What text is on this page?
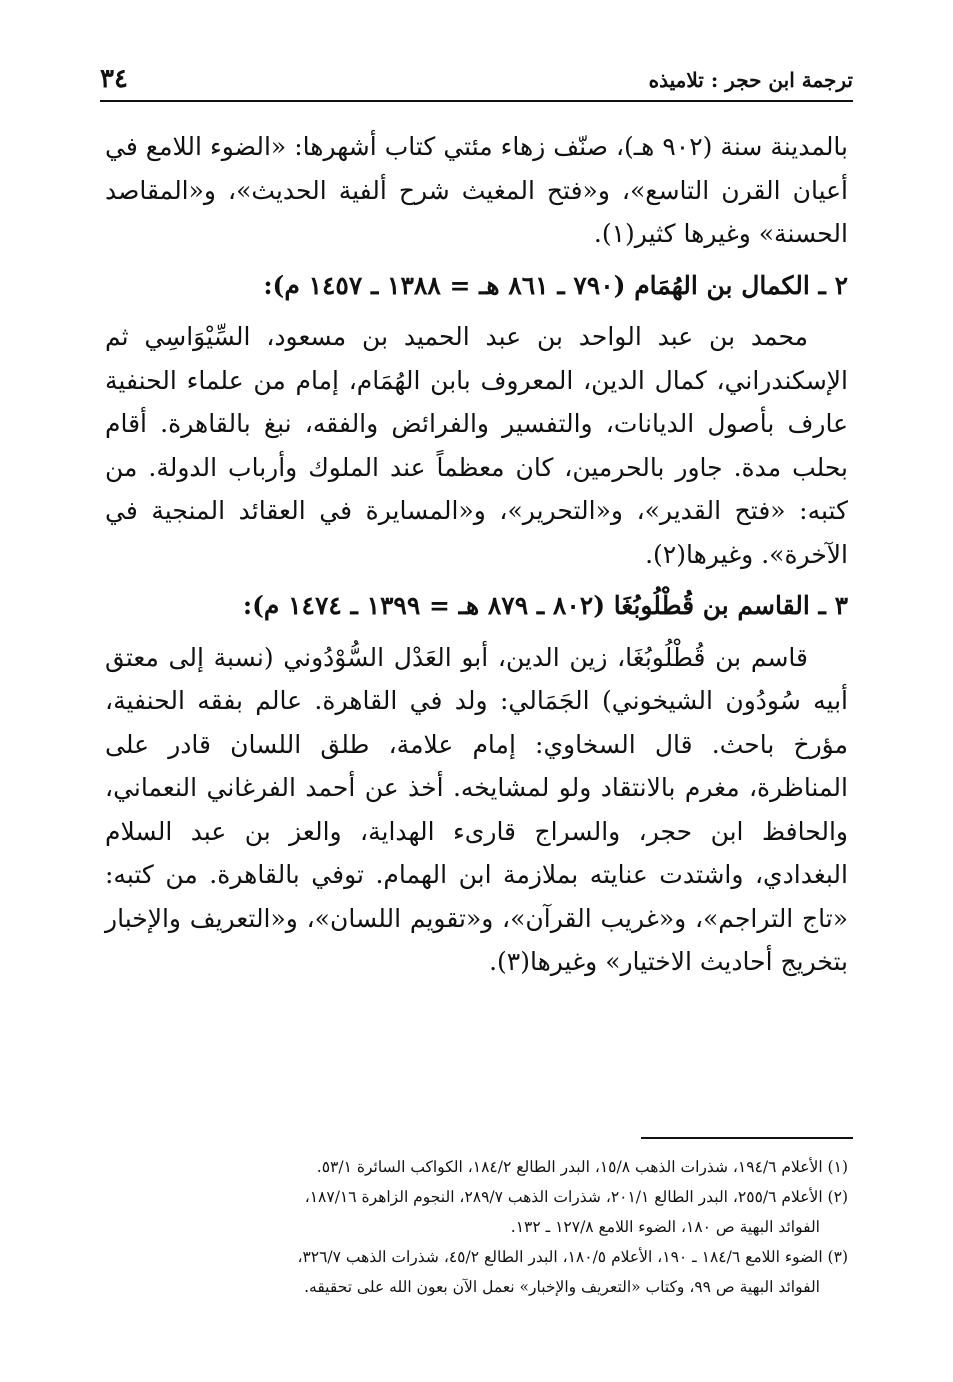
ترجمة ابن حجر : تلاميذه
٣٤

بالمدينة سنة (٩٠٢ هـ)، صنّف زهاء مئتي كتاب أشهرها: «الضوء اللامع في أعيان القرن التاسع»، و«فتح المغيث شرح ألفية الحديث»، و«المقاصد الحسنة» وغيرها كثير(١).

٢ ـ الكمال بن الهُمَام (٧٩٠ ـ ٨٦١ هـ = ١٣٨٨ ـ ١٤٥٧ م):

محمد بن عبد الواحد بن عبد الحميد بن مسعود، السِّيْوَاسِي ثم الإسكندراني، كمال الدين، المعروف بابن الهُمَام، إمام من علماء الحنفية عارف بأصول الديانات، والتفسير والفرائض والفقه، نبغ بالقاهرة. أقام بحلب مدة. جاور بالحرمين، كان معظماً عند الملوك وأرباب الدولة. من كتبه: «فتح القدير»، و«التحرير»، و«المسايرة في العقائد المنجية في الآخرة». وغيرها(٢).

٣ ـ القاسم بن قُطْلُوبُغَا (٨٠٢ ـ ٨٧٩ هـ = ١٣٩٩ ـ ١٤٧٤ م):

قاسم بن قُطْلُوبُغَا، زين الدين، أبو العَدْل السُّوْدُوني (نسبة إلى معتق أبيه سُودُون الشيخوني) الجَمَالي: ولد في القاهرة. عالم بفقه الحنفية، مؤرخ باحث. قال السخاوي: إمام علامة، طلق اللسان قادر على المناظرة، مغرم بالانتقاد ولو لمشايخه. أخذ عن أحمد الفرغاني النعماني، والحافظ ابن حجر، والسراج قارىء الهداية، والعز بن عبد السلام البغدادي، واشتدت عنايته بملازمة ابن الهمام. توفي بالقاهرة. من كتبه: «تاج التراجم»، و«غريب القرآن»، و«تقويم اللسان»، و«التعريف والإخبار بتخريج أحاديث الاختيار» وغيرها(٣).

(١) الأعلام ١٩٤/٦، شذرات الذهب ١٥/٨، البدر الطالع ١٨٤/٢، الكواكب السائرة ٥٣/١.

(٢) الأعلام ٢٥٥/٦، البدر الطالع ٢٠١/١، شذرات الذهب ٢٨٩/٧، النجوم الزاهرة ١٨٧/١٦،

الفوائد البهية ص ١٨٠، الضوء اللامع ١٢٧/٨ ـ ١٣٢.

(٣) الضوء اللامع ١٨٤/٦ ـ ١٩٠، الأعلام ١٨٠/٥، البدر الطالع ٤٥/٢، شذرات الذهب ٣٢٦/٧،

الفوائد البهية ص ٩٩، وكتاب «التعريف والإخبار» نعمل الآن بعون الله على تحقيقه.
